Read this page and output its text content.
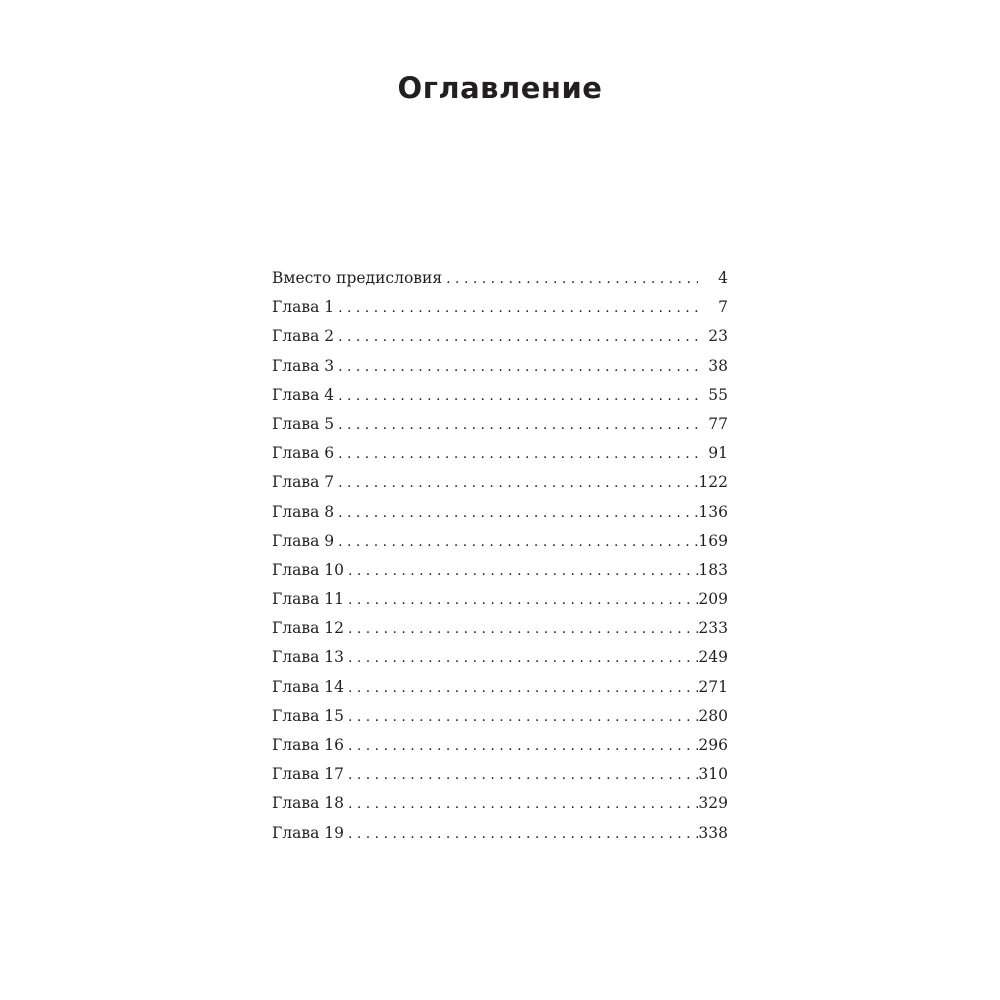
Оглавление
Вместо предисловия . . .	4
Глава 1 . . .	7
Глава 2 . . .	23
Глава 3 . . .	38
Глава 4 . . .	55
Глава 5 . . .	77
Глава 6 . . .	91
Глава 7 . . .	122
Глава 8 . . .	136
Глава 9 . . .	169
Глава 10 . . .	183
Глава 11 . . .	209
Глава 12 . . .	233
Глава 13 . . .	249
Глава 14 . . .	271
Глава 15 . . .	280
Глава 16 . . .	296
Глава 17 . . .	310
Глава 18 . . .	329
Глава 19 . . .	338
